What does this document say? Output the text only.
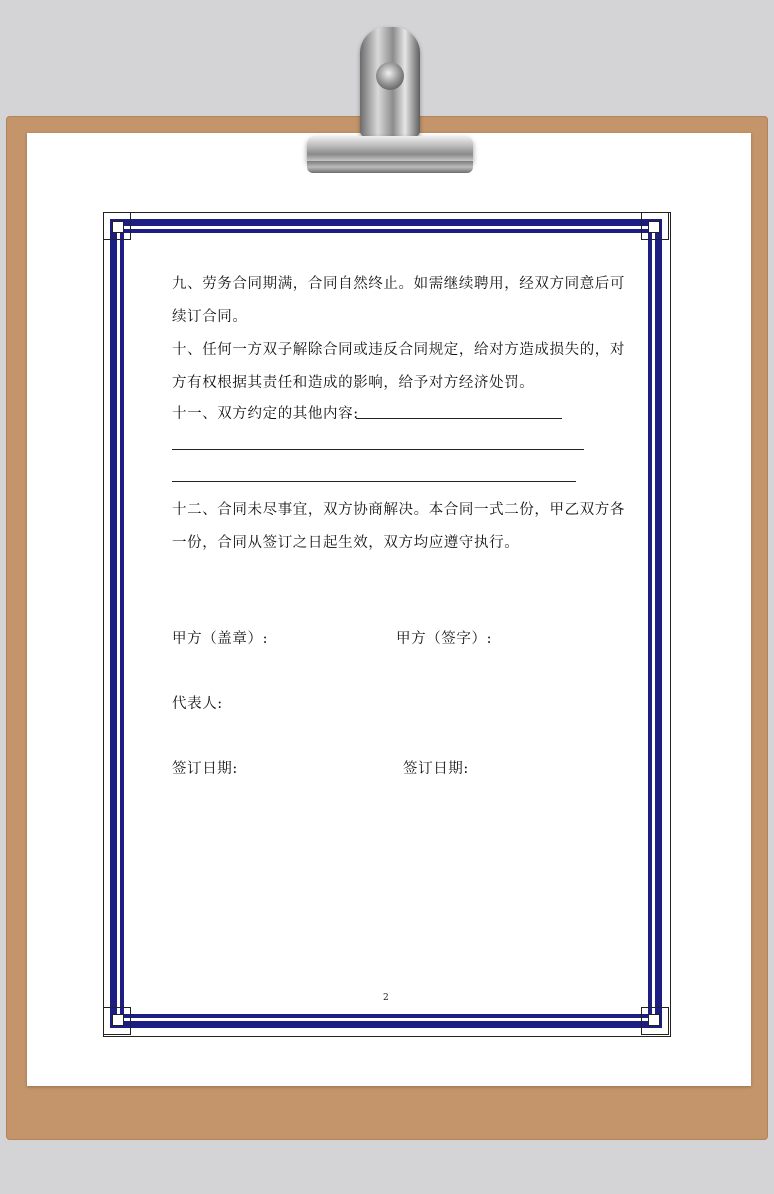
九、劳务合同期满，合同自然终止。如需继续聘用，经双方同意后可
续订合同。
十、任何一方双子解除合同或违反合同规定，给对方造成损失的，对
方有权根据其责任和造成的影响，给予对方经济处罚。
十一、双方约定的其他内容:
十二、合同未尽事宜，双方协商解决。本合同一式二份，甲乙双方各
一份，合同从签订之日起生效，双方均应遵守执行。
甲方（盖章）:	甲方（签字）:
代表人:
签订日期:	签订日期:
2
